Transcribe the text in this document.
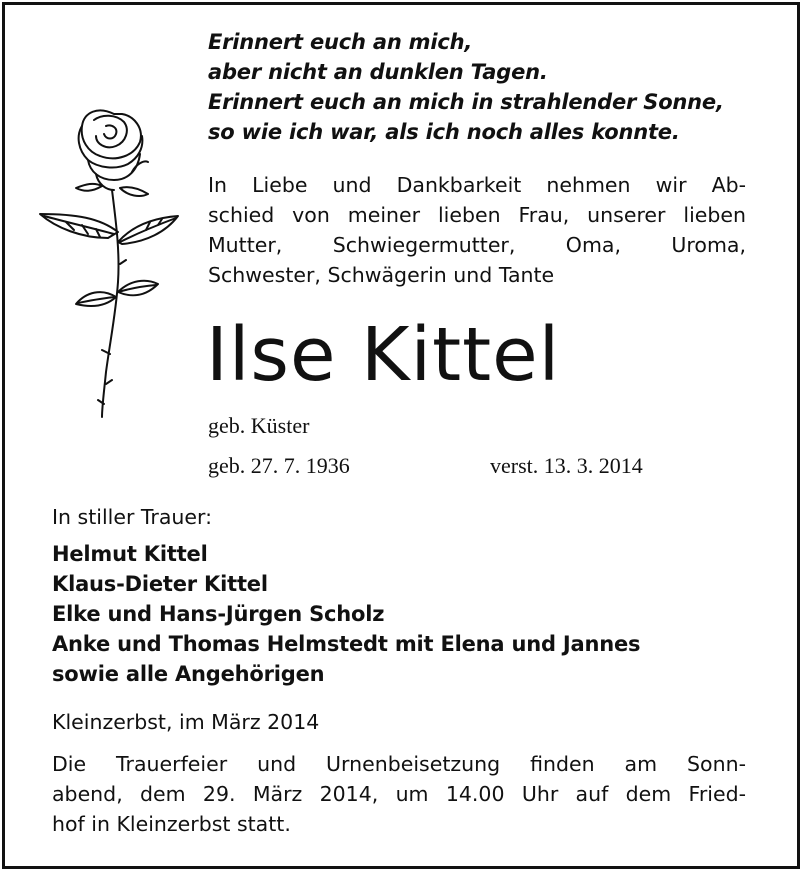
Erinnert euch an mich,
aber nicht an dunklen Tagen.
Erinnert euch an mich in strahlender Sonne,
so wie ich war, als ich noch alles konnte.
In Liebe und Dankbarkeit nehmen wir Ab-
schied von meiner lieben Frau, unserer lieben
Mutter, Schwiegermutter, Oma, Uroma,
Schwester, Schwägerin und Tante
Ilse Kittel
geb. Küster
geb. 27. 7. 1936	verst. 13. 3. 2014
In stiller Trauer:
Helmut Kittel
Klaus-Dieter Kittel
Elke und Hans-Jürgen Scholz
Anke und Thomas Helmstedt mit Elena und Jannes
sowie alle Angehörigen
Kleinzerbst, im März 2014
Die Trauerfeier und Urnenbeisetzung finden am Sonn-
abend, dem 29. März 2014, um 14.00 Uhr auf dem Fried-
hof in Kleinzerbst statt.
